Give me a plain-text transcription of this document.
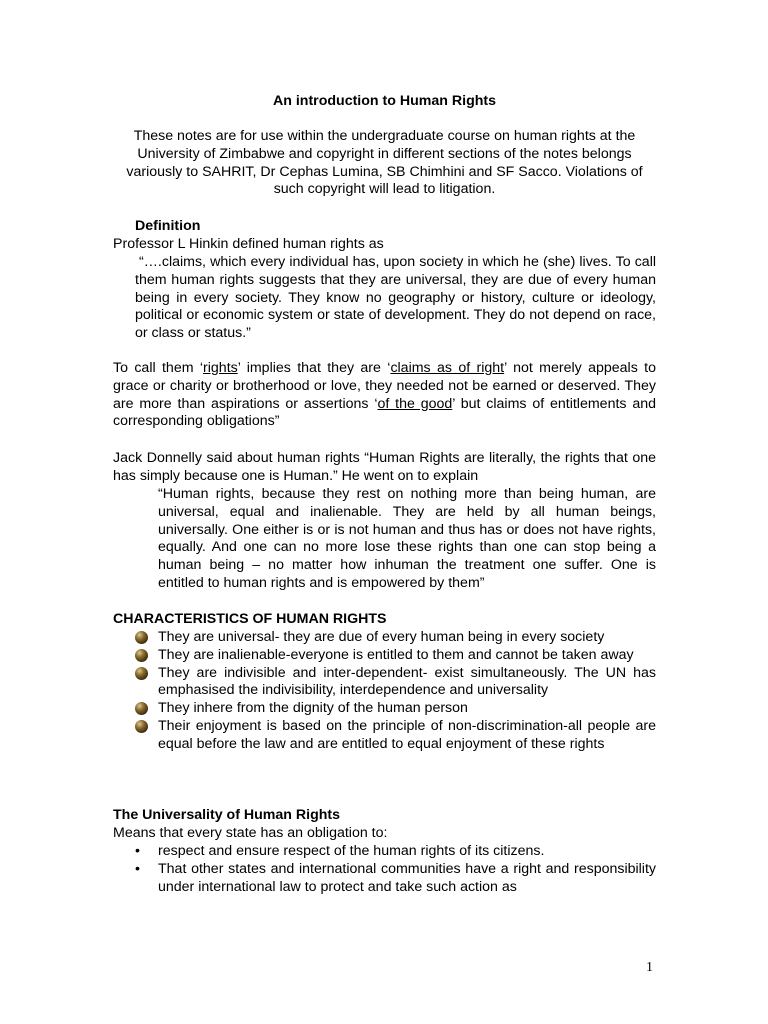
An introduction to Human Rights
These notes are for use within the undergraduate course on human rights at the University of Zimbabwe and copyright in different sections of the notes belongs variously to SAHRIT, Dr Cephas Lumina, SB Chimhini and SF Sacco. Violations of such copyright will lead to litigation.
Definition
Professor L Hinkin defined human rights as
“….claims, which every individual has, upon society in which he (she) lives. To call them human rights suggests that they are universal, they are due of every human being in every society. They know no geography or history, culture or ideology, political or economic system or state of development. They do not depend on race, or class or status.”
To call them ‘rights’ implies that they are ‘claims as of right’ not merely appeals to grace or charity or brotherhood or love, they needed not be earned or deserved. They are more than aspirations or assertions ‘of the good’ but claims of entitlements and corresponding obligations”
Jack Donnelly said about human rights “Human Rights are literally, the rights that one has simply because one is Human.” He went on to explain
“Human rights, because they rest on nothing more than being human, are universal, equal and inalienable. They are held by all human beings, universally. One either is or is not human and thus has or does not have rights, equally. And one can no more lose these rights than one can stop being a human being – no matter how inhuman the treatment one suffer. One is entitled to human rights and is empowered by them”
CHARACTERISTICS OF HUMAN RIGHTS
They are universal- they are due of every human being in every society
They are inalienable-everyone is entitled to them and cannot be taken away
They are indivisible and inter-dependent- exist simultaneously. The UN has emphasised the indivisibility, interdependence and universality
They inhere from the dignity of the human person
Their enjoyment is based on the principle of non-discrimination-all people are equal before the law and are entitled to equal enjoyment of these rights
The Universality of Human Rights
Means that every state has an obligation to:
• respect and ensure respect of the human rights of its citizens.
• That other states and international communities have a right and responsibility under international law to protect and take such action as
1
